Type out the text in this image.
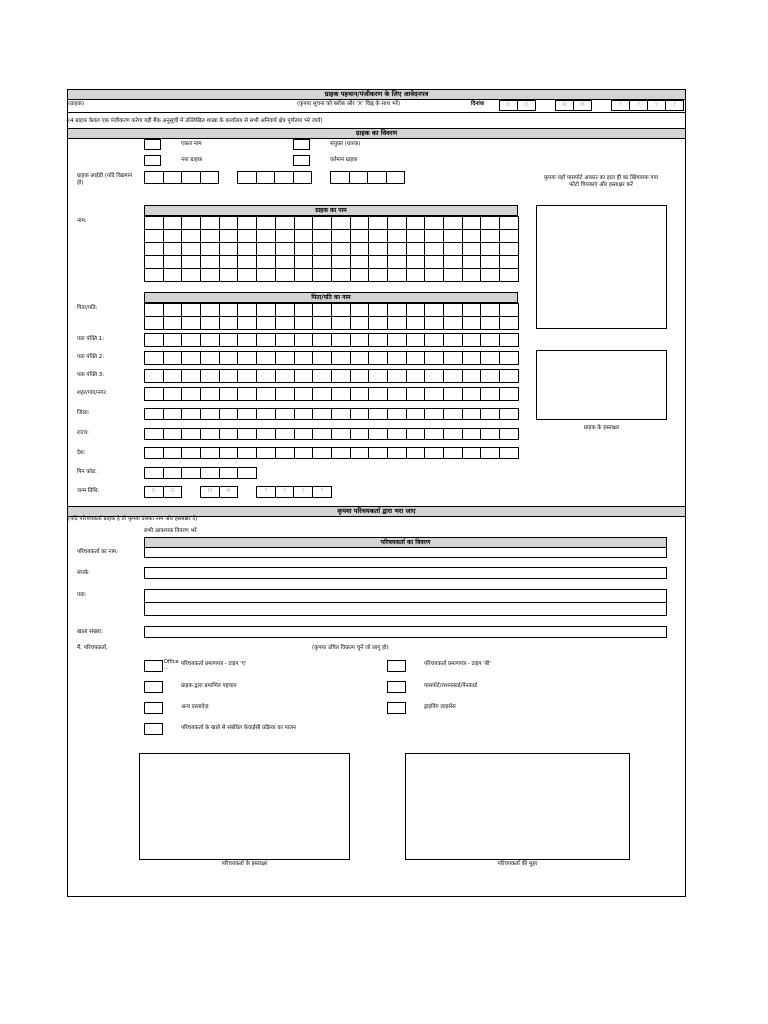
ग्राहक पहचान/पंजीकरण के लिए आवेदनपत्र
(ग्राहक)	(कृपया सूचना को ब्लॉक और ‘X’ चिह्न के साथ भरें)	दिनांक	D	D	M	M	Y	Y	Y	Y
(4 ग्राहक केवल एक पंजीकरण करेगा वही बैंक अनुसूची में उल्लिखित शाखा के कार्यालय से सभी अनिवार्य क्षेत्र पूर्णतया भरे जायें)
ग्राहक का विवरण
एकल नाम	संयुक्त (धारक)
नया ग्राहक	वर्तमान ग्राहक
ग्राहक आईडी (यदि विद्यमान हो)
कृपया यहाँ पासपोर्ट आकार का हाल ही का खिंचवाया गया फोटो चिपकाएं और हस्ताक्षर करें
नाम:
ग्राहक का नाम
पिता/पति:
पिता/पति का नाम
पता पंक्ति 1:
पता पंक्ति 2:
पता पंक्ति 3:
शहर/गांव/नगर:
ग्राहक के हस्ताक्षर
जिला:
राज्य:
देश:
पिन कोड:
जन्म तिथि:	D	D	M	M	Y	Y	Y	Y
कृपया परिचयकर्ता द्वारा भरा जाए
(यदि परिचयकर्ता ग्राहक है तो कृपया उसका नाम और हस्ताक्षर दें)
सभी आवश्यक विवरण भरें
परिचयकर्ता का विवरण
परिचयकर्ता का नाम:
संपर्क:
पता:
खाता संख्या:
मैं, परिचयकर्ता,	(कृपया उचित विकल्प चुनें जो लागू हो)
Office
...
परिचयकर्ता प्रमाणपत्र - टाइप 'ए'	परिचयकर्ता प्रमाणपत्र - टाइप 'बी'
ग्राहक द्वारा प्रमाणित पहचान	पासपोर्ट/राशनकार्ड/पैनकार्ड
अन्य दस्तावेज़	ड्राइविंग लाइसेंस
परिचयकर्ता के खाते से संबंधित केवाईसी प्रक्रिया का पालन
परिचयकर्ता के हस्ताक्षर	परिचयकर्ता की मुहर
